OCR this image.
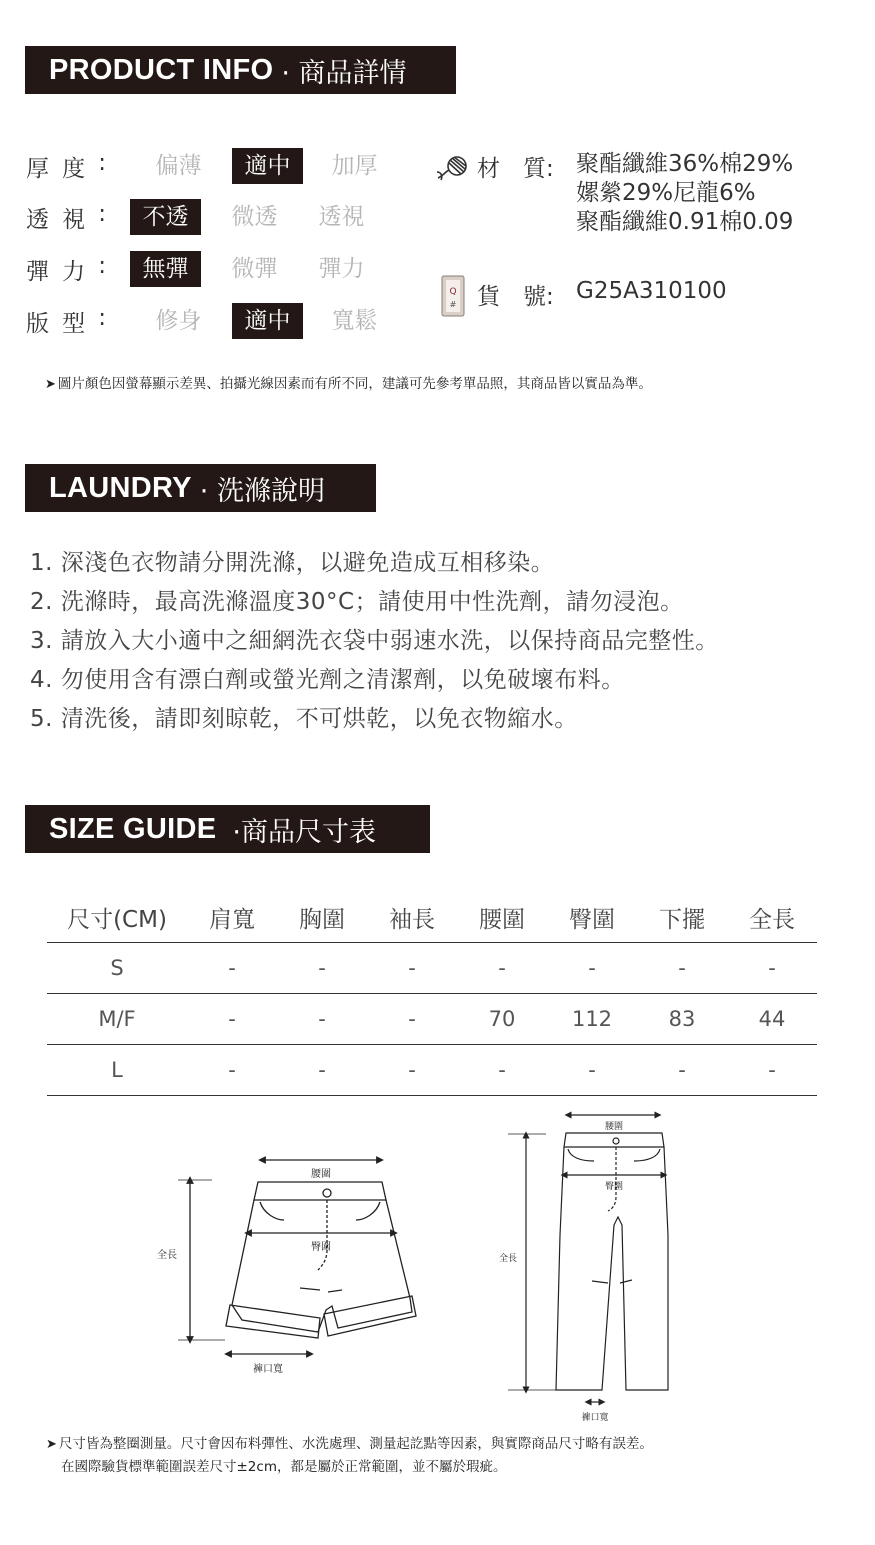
PRODUCT INFO · 商品詳情
厚 度 :	偏薄	適中	加厚
透 視 :	不透	微透	透視
彈 力 :	無彈	微彈	彈力
版 型 :	修身	適中	寬鬆
材　質: 聚酯纖維36%棉29%
嫘縈29%尼龍6%
聚酯纖維0.91棉0.09
Q
# 貨　號: G25A310100
➤ 圖片顏色因螢幕顯示差異、拍攝光線因素而有所不同，建議可先參考單品照，其商品皆以實品為準。
LAUNDRY · 洗滌說明
1. 深淺色衣物請分開洗滌，以避免造成互相移染。
2. 洗滌時，最高洗滌溫度30°C；請使用中性洗劑，請勿浸泡。
3. 請放入大小適中之細網洗衣袋中弱速水洗，以保持商品完整性。
4. 勿使用含有漂白劑或螢光劑之清潔劑，以免破壞布料。
5. 清洗後，請即刻晾乾，不可烘乾，以免衣物縮水。
SIZE GUIDE ·商品尺寸表
尺寸(CM)	肩寬	胸圍	袖長	腰圍	臀圍	下擺	全長
S	-	-	-	-	-	-	-
M/F	-	-	-	70	112	83	44
L	-	-	-	-	-	-	-
腰圍
臀圍
全長
褲口寬
腰圍
臀圍
全長
褲口寬
➤ 尺寸皆為整圈測量。尺寸會因布料彈性、水洗處理、測量起訖點等因素，與實際商品尺寸略有誤差。
在國際驗貨標準範圍誤差尺寸±2cm，都是屬於正常範圍，並不屬於瑕疵。
